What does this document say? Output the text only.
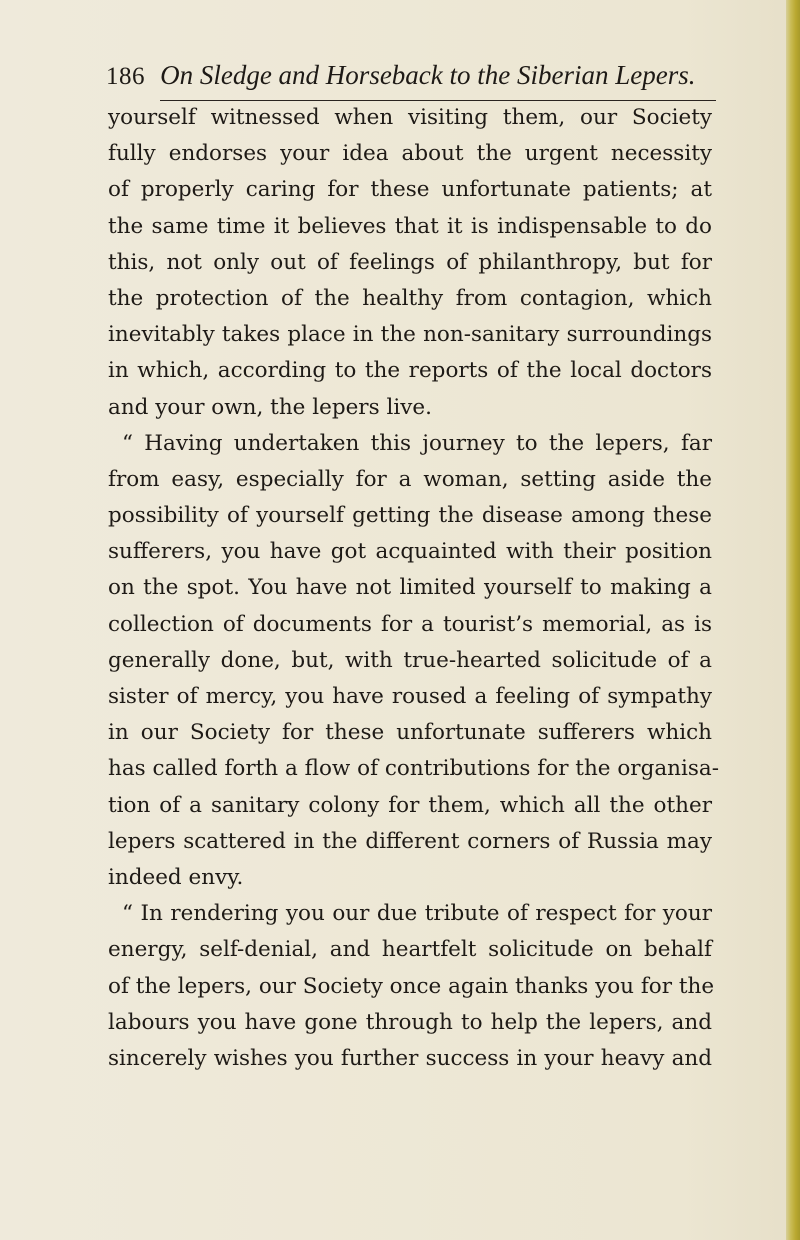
186 On Sledge and Horseback to the Siberian Lepers.
yourself witnessed when visiting them, our Society
fully endorses your idea about the urgent necessity
of properly caring for these unfortunate patients; at
the same time it believes that it is indispensable to do
this, not only out of feelings of philanthropy, but for
the protection of the healthy from contagion, which
inevitably takes place in the non-sanitary surroundings
in which, according to the reports of the local doctors
and your own, the lepers live.
“ Having undertaken this journey to the lepers, far
from easy, especially for a woman, setting aside the
possibility of yourself getting the disease among these
sufferers, you have got acquainted with their position
on the spot. You have not limited yourself to making a
collection of documents for a tourist’s memorial, as is
generally done, but, with true-hearted solicitude of a
sister of mercy, you have roused a feeling of sympathy
in our Society for these unfortunate sufferers which
has called forth a flow of contributions for the organisa-
tion of a sanitary colony for them, which all the other
lepers scattered in the different corners of Russia may
indeed envy.
“ In rendering you our due tribute of respect for your
energy, self-denial, and heartfelt solicitude on behalf
of the lepers, our Society once again thanks you for the
labours you have gone through to help the lepers, and
sincerely wishes you further success in your heavy and
